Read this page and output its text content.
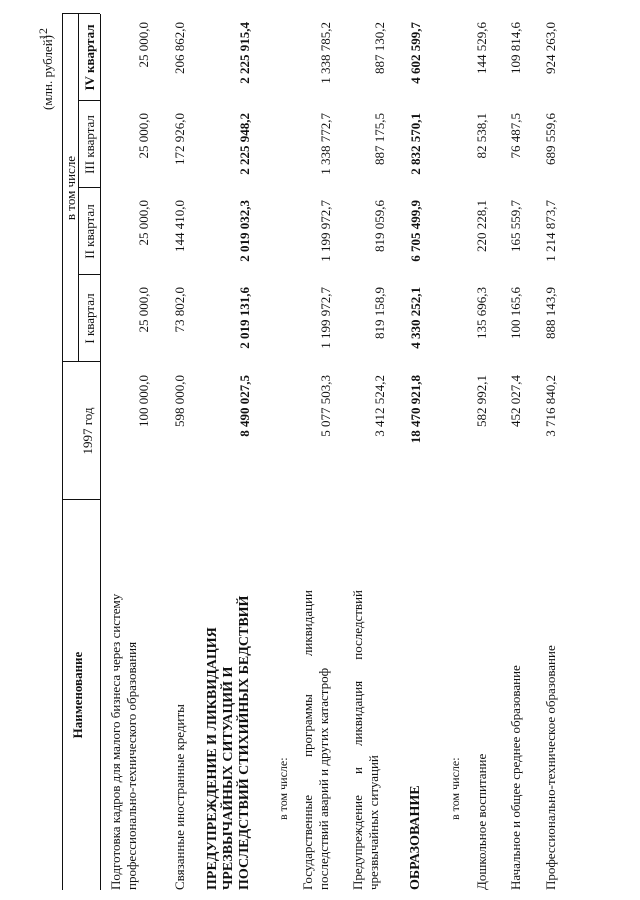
12
(млн. рублей)
Наименование
1997 год
в том числе
I квартал
II квартал
III квартал
IV квартал
Подготовка кадров для малого бизнеса через систему профессионально-технического образования
100 000,0
25 000,0
25 000,0
25 000,0
25 000,0
Связанные иностранные кредиты
598 000,0
73 802,0
144 410,0
172 926,0
206 862,0
ПРЕДУПРЕЖДЕНИЕ И ЛИКВИДАЦИЯ ЧРЕЗВЫЧАЙНЫХ СИТУАЦИЙ И ПОСЛЕДСТВИЙ СТИХИЙНЫХ БЕДСТВИЙ
8 490 027,5
2 019 131,6
2 019 032,3
2 225 948,2
2 225 915,4
в том числе: Государственные программы ликвидации последствий аварий и других катастроф
5 077 503,3
1 199 972,7
1 199 972,7
1 338 772,7
1 338 785,2
Предупреждение и ликвидация последствий чрезвычайных ситуаций
3 412 524,2
819 158,9
819 059,6
887 175,5
887 130,2
ОБРАЗОВАНИЕ
18 470 921,8
4 330 252,1
6 705 499,9
2 832 570,1
4 602 599,7
в том числе: Дошкольное воспитание
582 992,1
135 696,3
220 228,1
82 538,1
144 529,6
Начальное и общее среднее образование
452 027,4
100 165,6
165 559,7
76 487,5
109 814,6
Профессионально-техническое образование
3 716 840,2
888 143,9
1 214 873,7
689 559,6
924 263,0
